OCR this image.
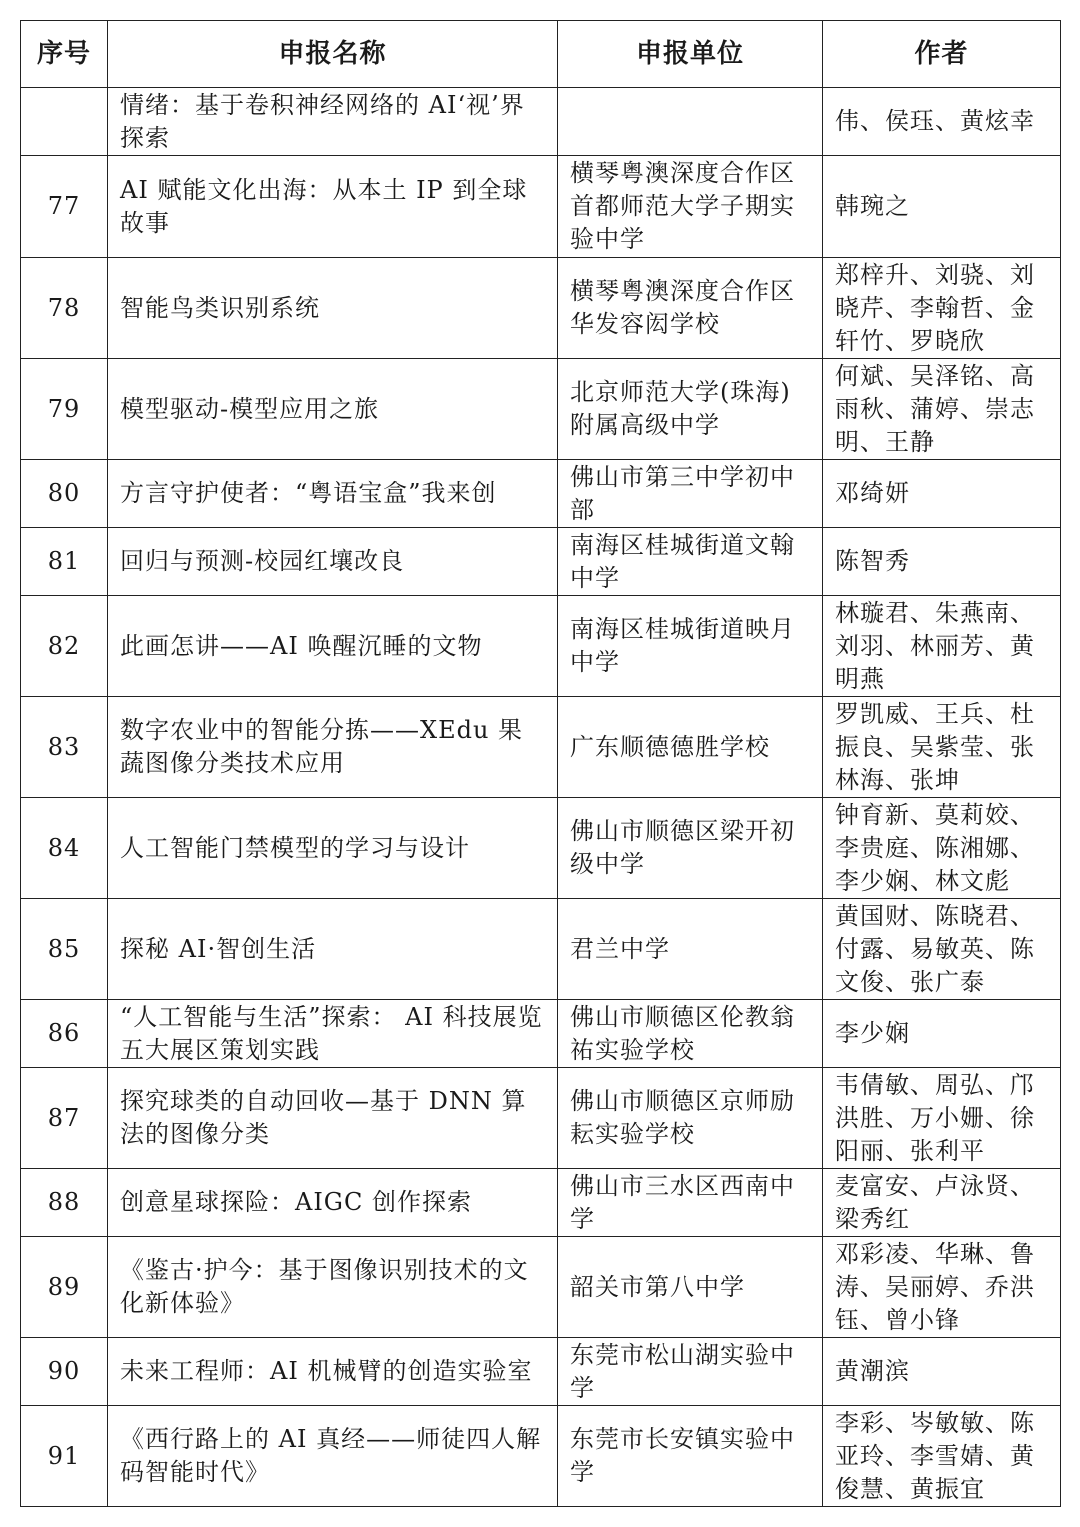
序号	申报名称	申报单位	作者
	情绪：基于卷积神经网络的 AI‘视’界探索		伟、侯珏、黄炫幸
77	AI 赋能文化出海：从本土 IP 到全球故事	横琴粤澳深度合作区首都师范大学子期实验中学	韩琬之
78	智能鸟类识别系统	横琴粤澳深度合作区华发容闳学校	郑梓升、刘骁、刘晓芹、李翰哲、金轩竹、罗晓欣
79	模型驱动-模型应用之旅	北京师范大学(珠海)附属高级中学	何斌、吴泽铭、高雨秋、蒲婷、崇志明、王静
80	方言守护使者：“粤语宝盒”我来创	佛山市第三中学初中部	邓绮妍
81	回归与预测-校园红壤改良	南海区桂城街道文翰中学	陈智秀
82	此画怎讲——AI 唤醒沉睡的文物	南海区桂城街道映月中学	林璇君、朱燕南、刘羽、林丽芳、黄明燕
83	数字农业中的智能分拣——XEdu 果蔬图像分类技术应用	广东顺德德胜学校	罗凯威、王兵、杜振良、吴紫莹、张林海、张坤
84	人工智能门禁模型的学习与设计	佛山市顺德区梁开初级中学	钟育新、莫莉姣、李贵庭、陈湘娜、李少娴、林文彪
85	探秘 AI·智创生活	君兰中学	黄国财、陈晓君、付露、易敏英、陈文俊、张广泰
86	“人工智能与生活”探索： AI 科技展览五大展区策划实践	佛山市顺德区伦教翁祐实验学校	李少娴
87	探究球类的自动回收—基于 DNN 算法的图像分类	佛山市顺德区京师励耘实验学校	韦倩敏、周弘、邝洪胜、万小姗、徐阳丽、张利平
88	创意星球探险：AIGC 创作探索	佛山市三水区西南中学	麦富安、卢泳贤、梁秀红
89	《鉴古·护今：基于图像识别技术的文化新体验》	韶关市第八中学	邓彩凌、华琳、鲁涛、吴丽婷、乔洪钰、曾小锋
90	未来工程师：AI 机械臂的创造实验室	东莞市松山湖实验中学	黄潮滨
91	《西行路上的 AI 真经——师徒四人解码智能时代》	东莞市长安镇实验中学	李彩、岑敏敏、陈亚玲、李雪婧、黄俊慧、黄振宜
